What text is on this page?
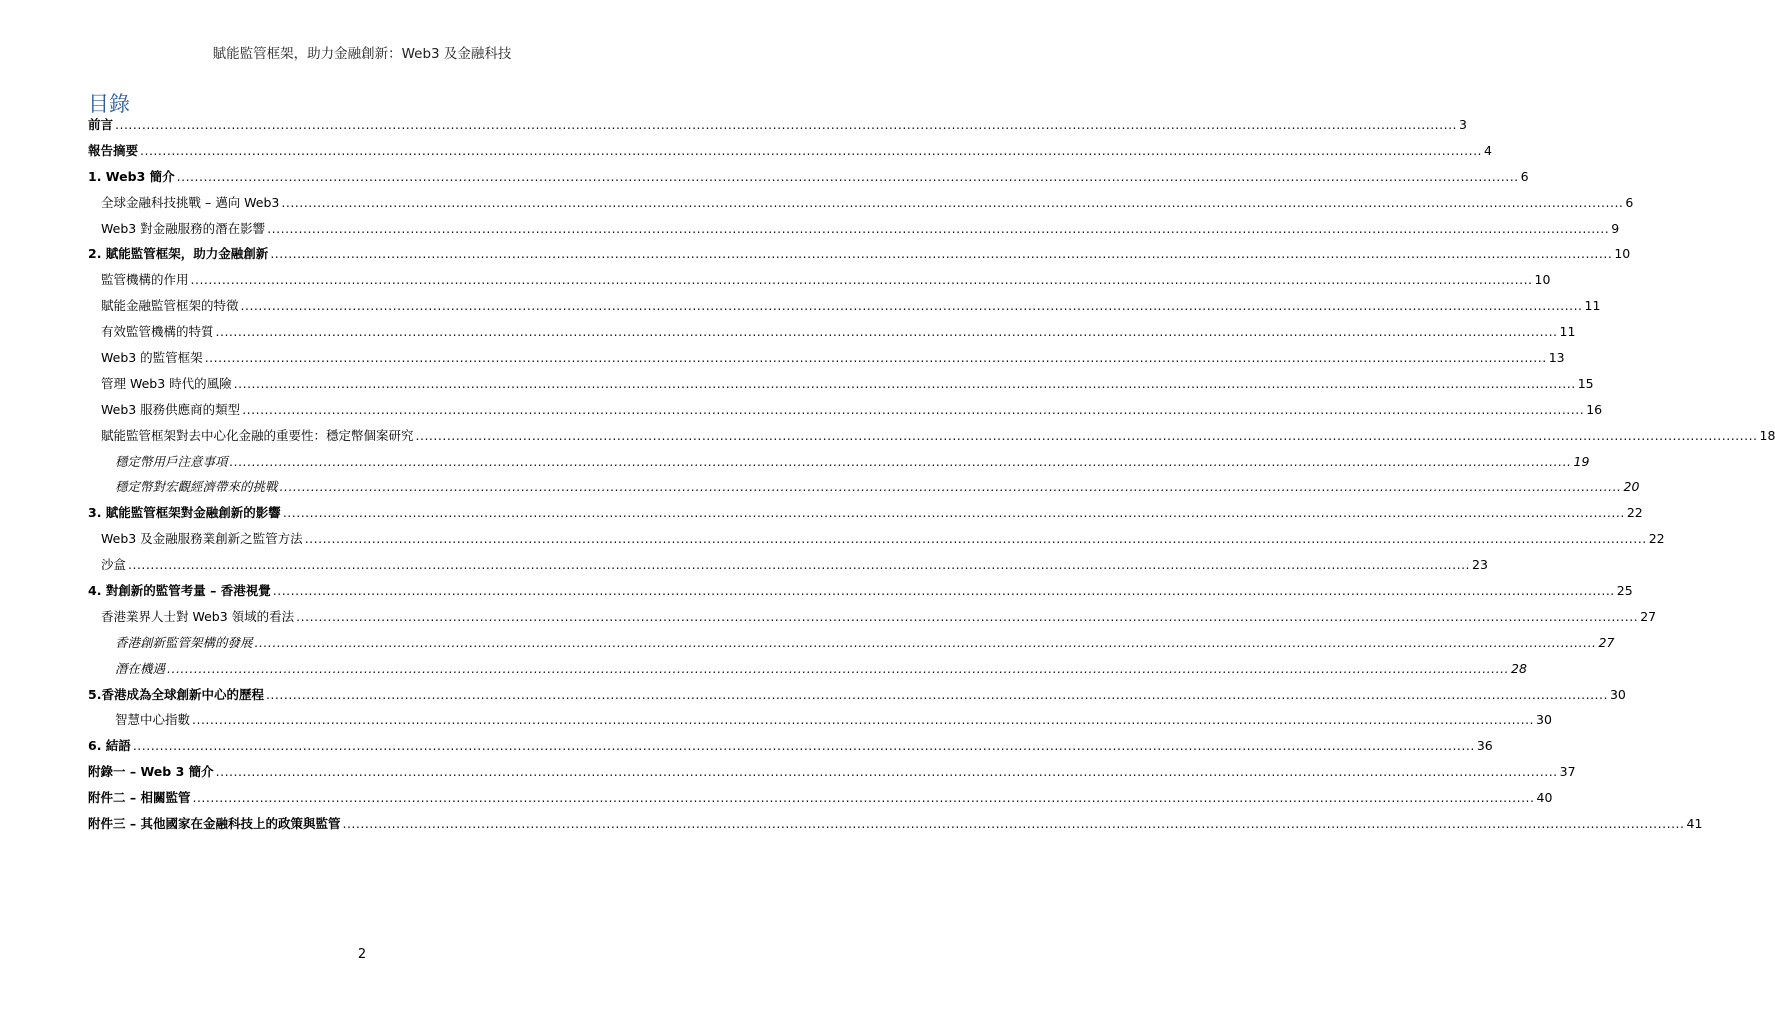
賦能監管框架，助力金融創新：Web3 及金融科技
目錄
前言 ............................................................................................................................................................................................................................................................................................................ 3
報告摘要 ............................................................................................................................................................................................................................................................................................................ 4
1. Web3 簡介 ............................................................................................................................................................................................................................................................................................................ 6
全球金融科技挑戰 – 邁向 Web3 ............................................................................................................................................................................................................................................................................................................ 6
Web3 對金融服務的潛在影響 ............................................................................................................................................................................................................................................................................................................ 9
2. 賦能監管框架，助力金融創新 ............................................................................................................................................................................................................................................................................................................ 10
監管機構的作用 ............................................................................................................................................................................................................................................................................................................ 10
賦能金融監管框架的特徵 ............................................................................................................................................................................................................................................................................................................ 11
有效監管機構的特質 ............................................................................................................................................................................................................................................................................................................ 11
Web3 的監管框架 ............................................................................................................................................................................................................................................................................................................ 13
管理 Web3 時代的風險 ............................................................................................................................................................................................................................................................................................................ 15
Web3 服務供應商的類型 ............................................................................................................................................................................................................................................................................................................ 16
賦能監管框架對去中心化金融的重要性：穩定幣個案研究 ............................................................................................................................................................................................................................................................................................................ 18
穩定幣用戶注意事項 ............................................................................................................................................................................................................................................................................................................ 19
穩定幣對宏觀經濟帶來的挑戰 ............................................................................................................................................................................................................................................................................................................ 20
3. 賦能監管框架對金融創新的影響 ............................................................................................................................................................................................................................................................................................................ 22
Web3 及金融服務業創新之監管方法 ............................................................................................................................................................................................................................................................................................................ 22
沙盒 ............................................................................................................................................................................................................................................................................................................ 23
4. 對創新的監管考量 – 香港視覺 ............................................................................................................................................................................................................................................................................................................ 25
香港業界人士對 Web3 領域的看法 ............................................................................................................................................................................................................................................................................................................ 27
香港創新監管架構的發展 ............................................................................................................................................................................................................................................................................................................ 27
潛在機遇 ............................................................................................................................................................................................................................................................................................................ 28
5.香港成為全球創新中心的歷程 ............................................................................................................................................................................................................................................................................................................ 30
智慧中心指數 ............................................................................................................................................................................................................................................................................................................ 30
6. 結語 ............................................................................................................................................................................................................................................................................................................ 36
附錄一 – Web 3 簡介 ............................................................................................................................................................................................................................................................................................................ 37
附件二 – 相關監管 ............................................................................................................................................................................................................................................................................................................ 40
附件三 – 其他國家在金融科技上的政策與監管 ............................................................................................................................................................................................................................................................................................................ 41
2
